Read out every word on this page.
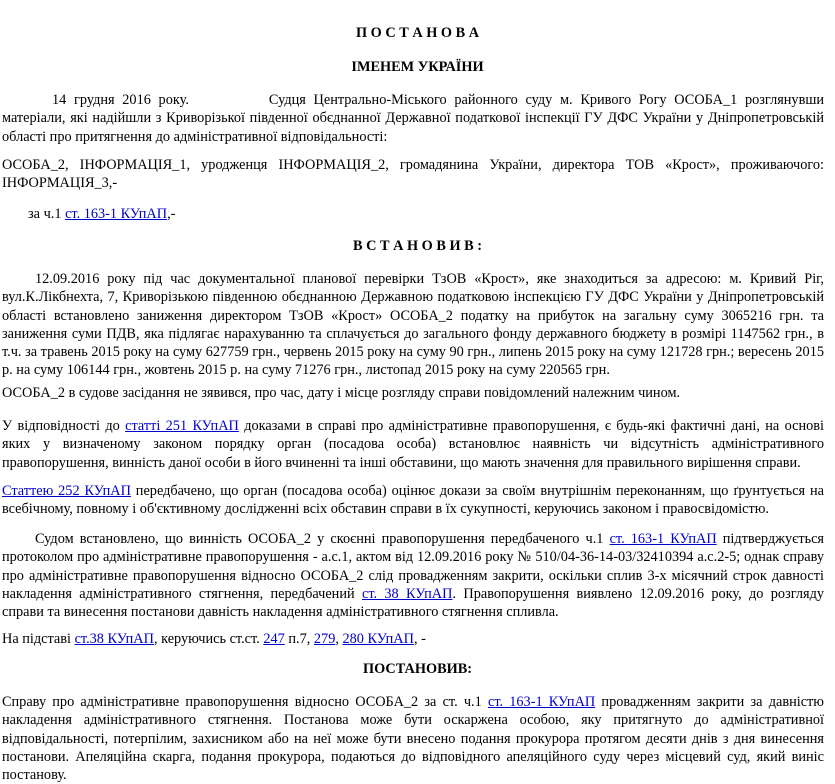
П О С Т А Н О В А
ІМЕНЕМ УКРАЇНИ

14 грудня 2016 року.	Судця Центрально-Міського районного суду м. Кривого Рогу ОСОБА_1 розглянувши матеріали, які надійшли з Криворізької південної обєднанної Державної податкової інспекції ГУ ДФС України у Дніпропетровській області про притягнення до адміністративної відповідальності:

ОСОБА_2, ІНФОРМАЦІЯ_1, уродженця ІНФОРМАЦІЯ_2, громадянина України, директора ТОВ «Крост», проживаючого: ІНФОРМАЦІЯ_3,-

за ч.1 ст. 163-1 КУпАП,-

В С Т А Н О В И В :

12.09.2016 року під час документальної планової перевірки ТзОВ «Крост», яке знаходиться за адресою: м. Кривий Ріг, вул.К.Лікбнехта, 7, Криворізькою південною обєднанною Державною податковою інспекцією ГУ ДФС України у Дніпропетровській області встановлено заниження директором ТзОВ «Крост» ОСОБА_2 податку на прибуток на загальну суму 3065216 грн. та заниження суми ПДВ, яка підлягає нарахуванню та сплачується до загального фонду державного бюджету в розмірі 1147562 грн., в т.ч. за травень 2015 року на суму 627759 грн., червень 2015 року на суму 90 грн., липень 2015 року на суму 121728 грн.; вересень 2015 р. на суму 106144 грн., жовтень 2015 р. на суму 71276 грн., листопад 2015 року на суму 220565 грн.

ОСОБА_2 в судове засідання не зявився, про час, дату і місце розгляду справи повідомлений належним чином.

У відповідності до статті 251 КУпАП доказами в справі про адміністративне правопорушення, є будь-які фактичні дані, на основі яких у визначеному законом порядку орган (посадова особа) встановлює наявність чи відсутність адміністративного правопорушення, винність даної особи в його вчиненні та інші обставини, що мають значення для правильного вирішення справи.

Статтею 252 КУпАП передбачено, що орган (посадова особа) оцінює докази за своїм внутрішнім переконанням, що ґрунтується на всебічному, повному і об'єктивному дослідженні всіх обставин справи в їх сукупності, керуючись законом і правосвідомістю.

Судом встановлено, що винність ОСОБА_2 у скоєнні правопорушення передбаченого ч.1 ст. 163-1 КУпАП підтверджується протоколом про адміністративне правопорушення - а.с.1, актом від 12.09.2016 року № 510/04-36-14-03/32410394 а.с.2-5; однак справу про адміністративне правопорушення відносно ОСОБА_2 слід провадженням закрити, оскільки сплив 3-х місячний строк давності накладення адміністративного стягнення, передбачений ст. 38 КУпАП. Правопорушення виявлено 12.09.2016 року, до розгляду справи та винесення постанови давність накладення адміністративного стягнення спливла.

На підставі ст.38 КУпАП, керуючись ст.ст. 247 п.7, 279, 280 КУпАП, -

ПОСТАНОВИВ:

Справу про адміністративне правопорушення відносно ОСОБА_2 за ст. ч.1 ст. 163-1 КУпАП провадженням закрити за давністю накладення адміністративного стягнення. Постанова може бути оскаржена особою, яку притягнуто до адміністративної відповідальності, потерпілим, захисником або на неї може бути внесено подання прокурора протягом десяти днів з дня винесення постанови. Апеляційна скарга, подання прокурора, подаються до відповідного апеляційного суду через місцевий суд, який виніс постанову.
